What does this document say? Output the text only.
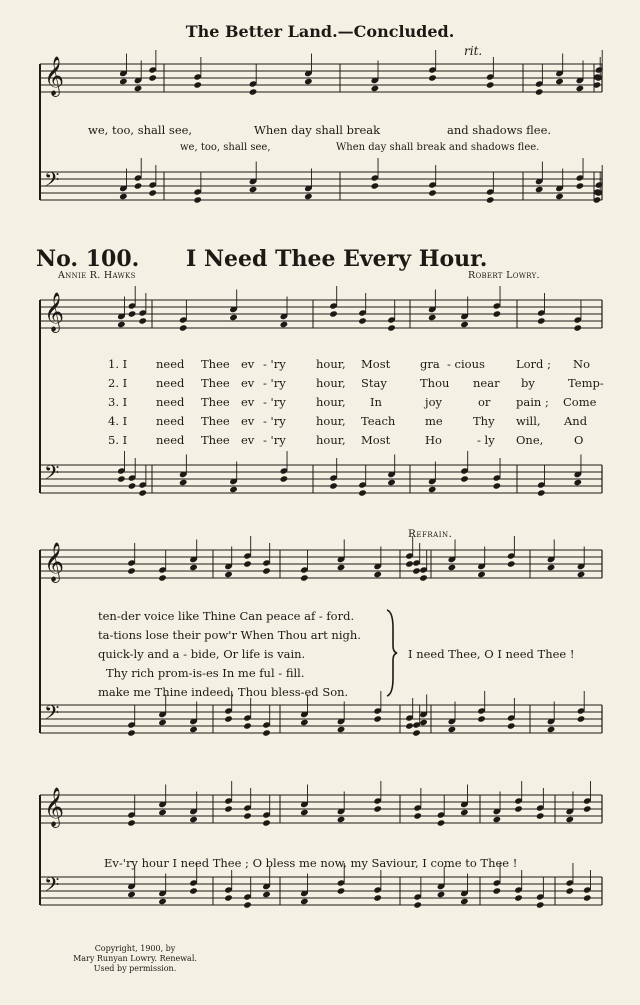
𝄞
𝄢
𝄞
𝄢
𝄞
𝄢
𝄞
𝄢
The Better Land.—Concluded.
rit.
we, too, shall see,	When day shall break	and shadows flee.
we, too, shall see,	When day shall break and shadows flee.
No. 100. I Need Thee Every Hour.
Annie R. Hawks	Robert Lowry.
1. I	need Thee ev - 'ry	hour, Most	gra - cious	Lord ; No
2. I	need Thee ev - 'ry	hour, Stay	Thou near by	Temp-
3. I	need Thee ev - 'ry	hour, In	joy	or pain ; Come
4. I	need Thee ev - 'ry	hour, Teach	me	Thy will, And
5. I	need Thee ev - 'ry	hour, Most	Ho	- ly One,	O
Refrain.
ten-der voice like Thine Can peace af - ford.
ta-tions lose their pow'r When Thou art nigh.
quick-ly and a - bide, Or life is vain.
Thy rich prom-is-es In me ful - fill.
make me Thine indeed, Thou bless-ed Son.
I need Thee, O I need Thee !
Ev-'ry hour I need Thee ; O bless me now, my Saviour, I come to Thee !
Copyright, 1900, by
Mary Runyan Lowry. Renewal.
Used by permission.
